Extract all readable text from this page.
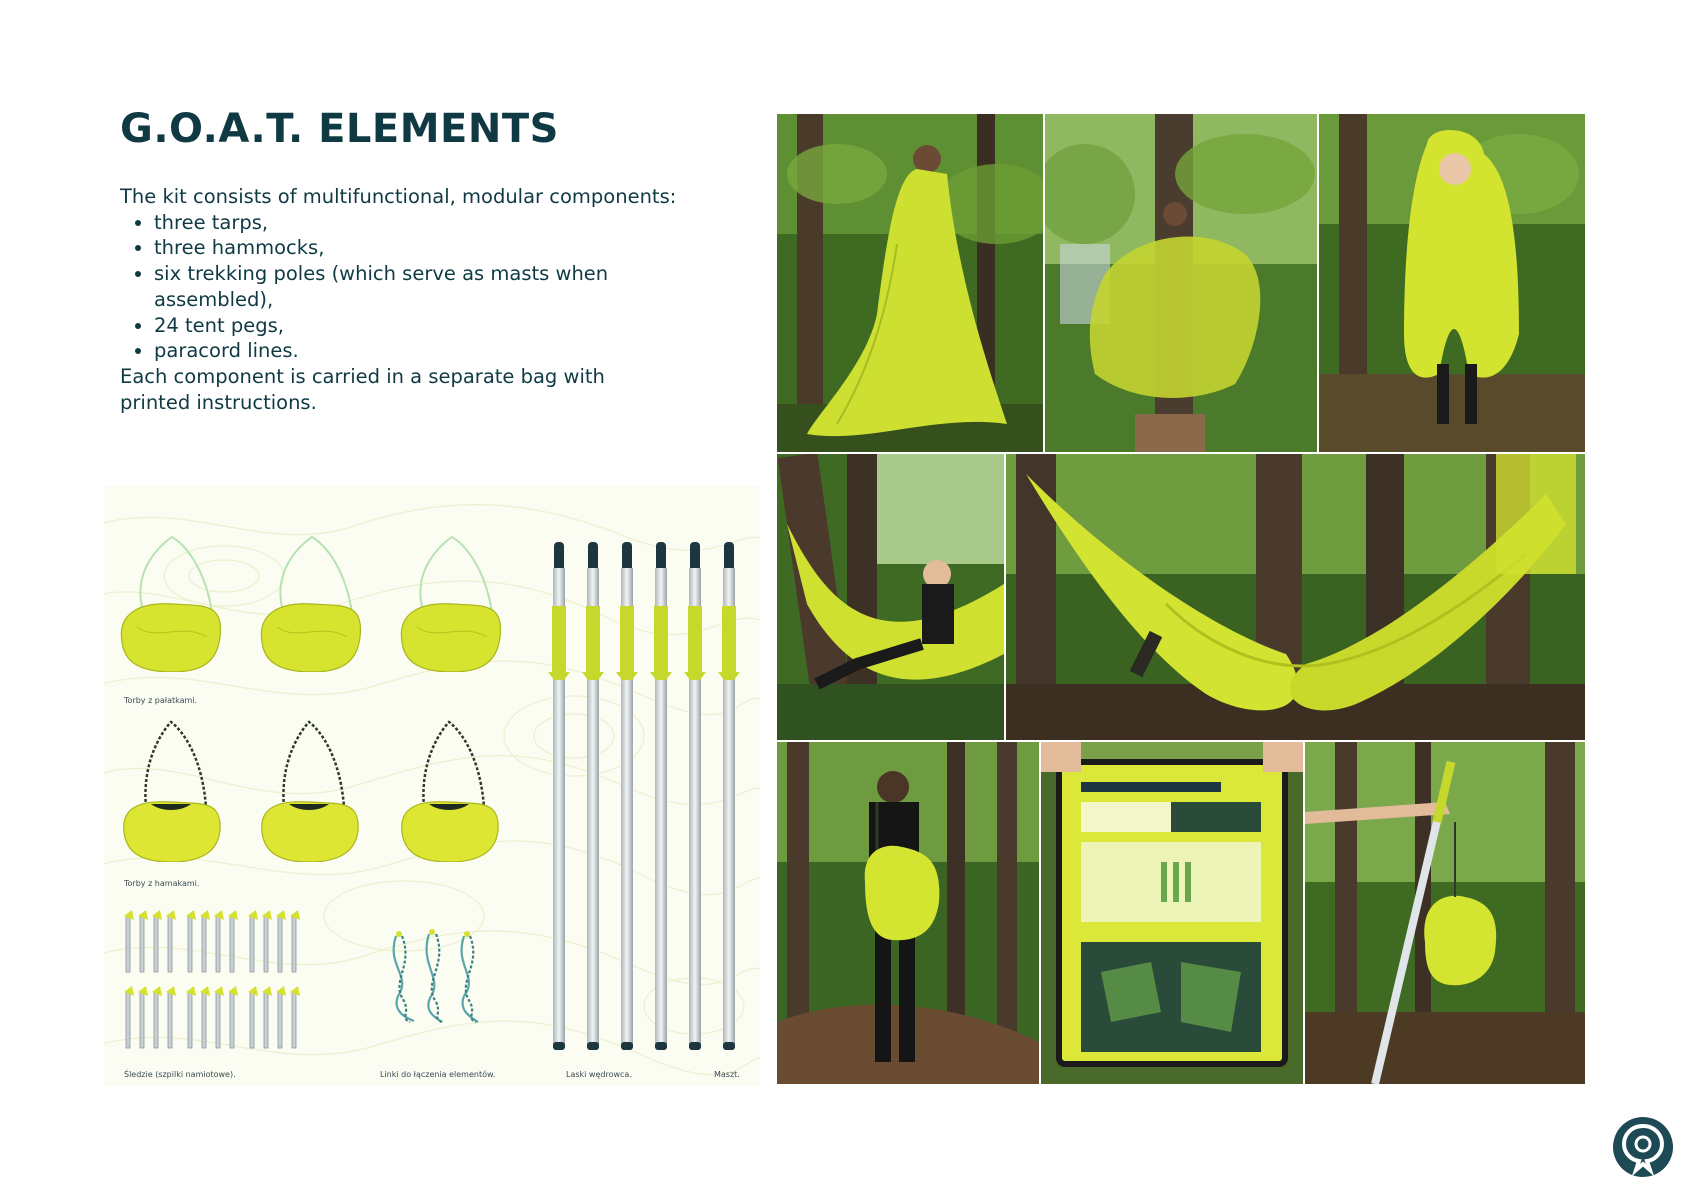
G.O.A.T. ELEMENTS

The kit consists of multifunctional, modular components:

• three tarps,
• three hammocks,
• six trekking poles (which serve as masts when assembled),
• 24 tent pegs,
• paracord lines.

Each component is carried in a separate bag with printed instructions.

Torby z pałatkami.
Torby z hamakami.
Śledzie (szpilki namiotowe).	Linki do łączenia elementów.	Laski wędrowca.	Maszt.
